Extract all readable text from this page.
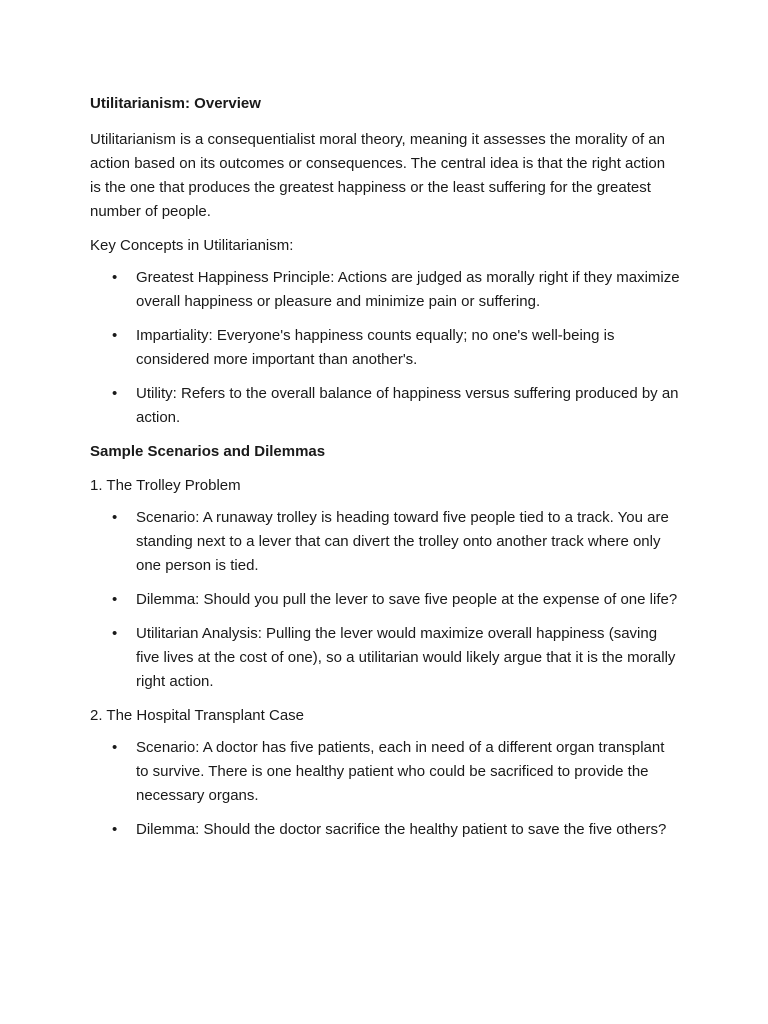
Utilitarianism: Overview

Utilitarianism is a consequentialist moral theory, meaning it assesses the morality of an action based on its outcomes or consequences. The central idea is that the right action is the one that produces the greatest happiness or the least suffering for the greatest number of people.

Key Concepts in Utilitarianism:

• Greatest Happiness Principle: Actions are judged as morally right if they maximize overall happiness or pleasure and minimize pain or suffering.
• Impartiality: Everyone's happiness counts equally; no one's well-being is considered more important than another's.
• Utility: Refers to the overall balance of happiness versus suffering produced by an action.

Sample Scenarios and Dilemmas

1. The Trolley Problem

• Scenario: A runaway trolley is heading toward five people tied to a track. You are standing next to a lever that can divert the trolley onto another track where only one person is tied.
• Dilemma: Should you pull the lever to save five people at the expense of one life?
• Utilitarian Analysis: Pulling the lever would maximize overall happiness (saving five lives at the cost of one), so a utilitarian would likely argue that it is the morally right action.

2. The Hospital Transplant Case

• Scenario: A doctor has five patients, each in need of a different organ transplant to survive. There is one healthy patient who could be sacrificed to provide the necessary organs.
• Dilemma: Should the doctor sacrifice the healthy patient to save the five others?
